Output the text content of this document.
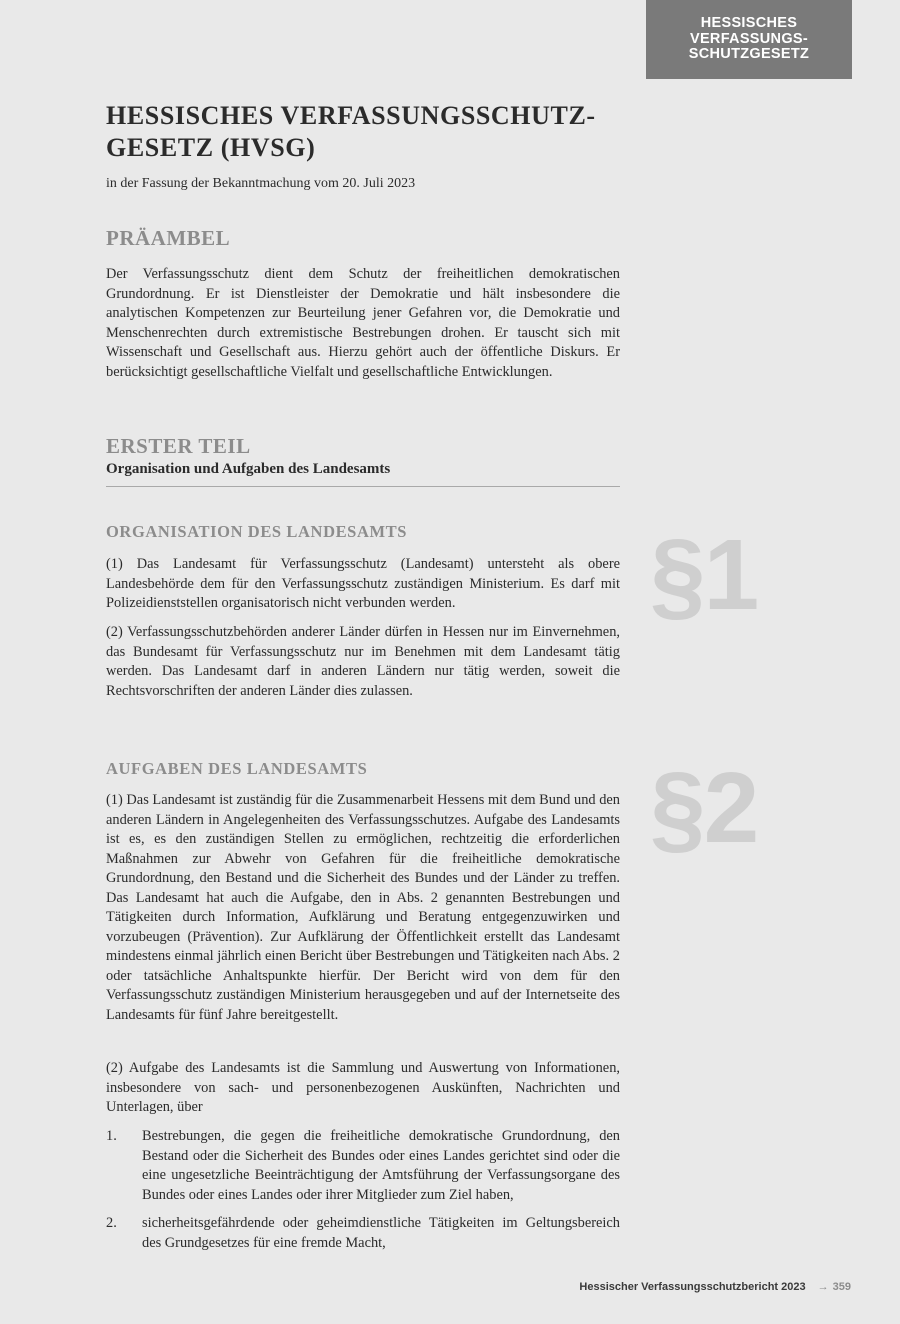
HESSISCHES
VERFASSUNGS-
SCHUTZGESETZ
HESSISCHES VERFASSUNGSSCHUTZ-
GESETZ (HVSG)

in der Fassung der Bekanntmachung vom 20. Juli 2023

PRÄAMBEL

Der Verfassungsschutz dient dem Schutz der freiheitlichen demokratischen Grundordnung. Er ist Dienstleister der Demokratie und hält insbesondere die analytischen Kompetenzen zur Beurteilung jener Gefahren vor, die Demokratie und Menschenrechten durch extremistische Bestrebungen drohen. Er tauscht sich mit Wissenschaft und Gesellschaft aus. Hierzu gehört auch der öffentliche Diskurs. Er berücksichtigt gesellschaftliche Vielfalt und gesellschaftliche Entwicklungen.

ERSTER TEIL

Organisation und Aufgaben des Landesamts

ORGANISATION DES LANDESAMTS §1

(1) Das Landesamt für Verfassungsschutz (Landesamt) untersteht als obere Landesbehörde dem für den Verfassungsschutz zuständigen Ministerium. Es darf mit Polizeidienststellen organisatorisch nicht verbunden werden.

(2) Verfassungsschutzbehörden anderer Länder dürfen in Hessen nur im Einvernehmen, das Bundesamt für Verfassungsschutz nur im Benehmen mit dem Landesamt tätig werden. Das Landesamt darf in anderen Ländern nur tätig werden, soweit die Rechtsvorschriften der anderen Länder dies zulassen.

AUFGABEN DES LANDESAMTS	§2

(1) Das Landesamt ist zuständig für die Zusammenarbeit Hessens mit dem Bund und den anderen Ländern in Angelegenheiten des Verfassungsschutzes. Aufgabe des Landesamts ist es, es den zuständigen Stellen zu ermöglichen, rechtzeitig die erforderlichen Maßnahmen zur Abwehr von Gefahren für die freiheitliche demokratische Grundordnung, den Bestand und die Sicherheit des Bundes und der Länder zu treffen. Das Landesamt hat auch die Aufgabe, den in Abs. 2 genannten Bestrebungen und Tätigkeiten durch Information, Aufklärung und Beratung entgegenzuwirken und vorzubeugen (Prävention). Zur Aufklärung der Öffentlichkeit erstellt das Landesamt mindestens einmal jährlich einen Bericht über Bestrebungen und Tätigkeiten nach Abs. 2 oder tatsächliche Anhaltspunkte hierfür. Der Bericht wird von dem für den Verfassungsschutz zuständigen Ministerium herausgegeben und auf der Internetseite des Landesamts für fünf Jahre bereitgestellt.

(2) Aufgabe des Landesamts ist die Sammlung und Auswertung von Informationen, insbesondere von sach- und personenbezogenen Auskünften, Nachrichten und Unterlagen, über

1. Bestrebungen, die gegen die freiheitliche demokratische Grundordnung, den Bestand oder die Sicherheit des Bundes oder eines Landes gerichtet sind oder die eine ungesetzliche Beeinträchtigung der Amtsführung der Verfassungsorgane des Bundes oder eines Landes oder ihrer Mitglieder zum Ziel haben,
2. sicherheitsgefährdende oder geheimdienstliche Tätigkeiten im Geltungsbereich des Grundgesetzes für eine fremde Macht,
Hessischer Verfassungsschutzbericht 2023 → 359
